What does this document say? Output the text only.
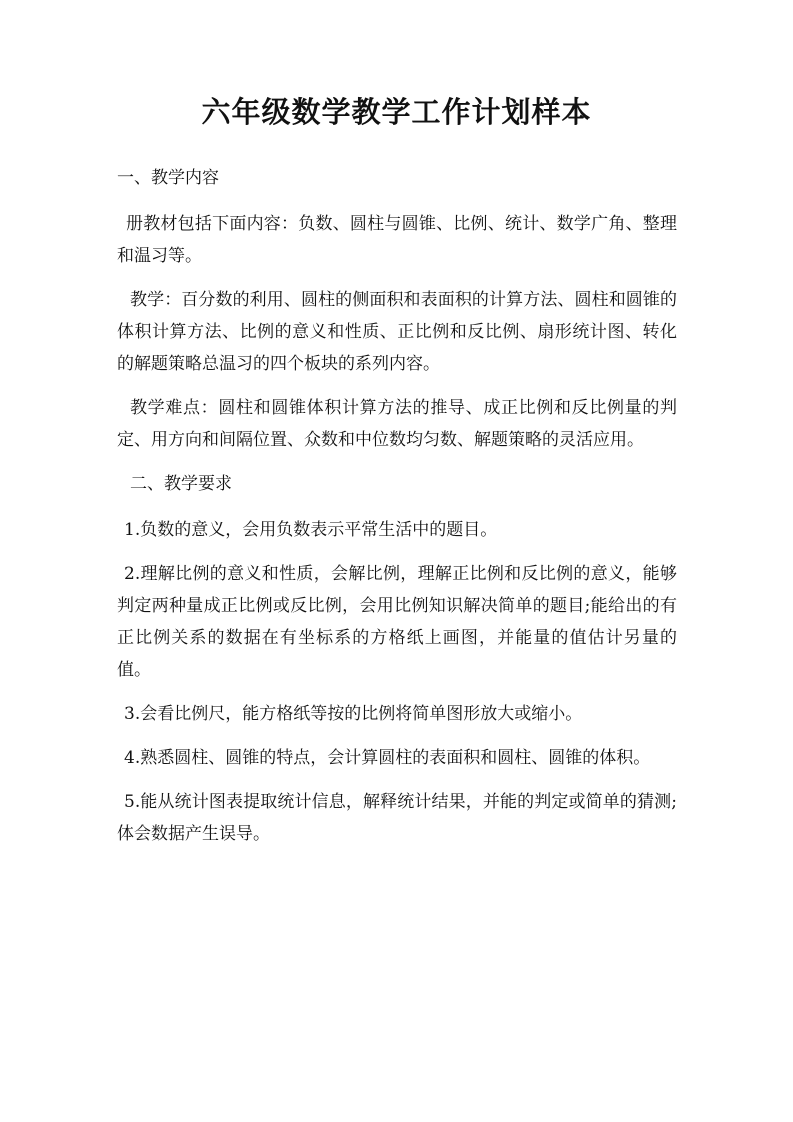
六年级数学教学工作计划样本

一、教学内容

册教材包括下面内容：负数、圆柱与圆锥、比例、统计、数学广角、整理和温习等。

教学：百分数的利用、圆柱的侧面积和表面积的计算方法、圆柱和圆锥的体积计算方法、比例的意义和性质、正比例和反比例、扇形统计图、转化的解题策略总温习的四个板块的系列内容。

教学难点：圆柱和圆锥体积计算方法的推导、成正比例和反比例量的判定、用方向和间隔位置、众数和中位数均匀数、解题策略的灵活应用。

二、教学要求

1.负数的意义，会用负数表示平常生活中的题目。

2.理解比例的意义和性质，会解比例，理解正比例和反比例的意义，能够判定两种量成正比例或反比例，会用比例知识解决简单的题目;能给出的有正比例关系的数据在有坐标系的方格纸上画图，并能量的值估计另量的值。

3.会看比例尺，能方格纸等按的比例将简单图形放大或缩小。

4.熟悉圆柱、圆锥的特点，会计算圆柱的表面积和圆柱、圆锥的体积。

5.能从统计图表提取统计信息，解释统计结果，并能的判定或简单的猜测;体会数据产生误导。
